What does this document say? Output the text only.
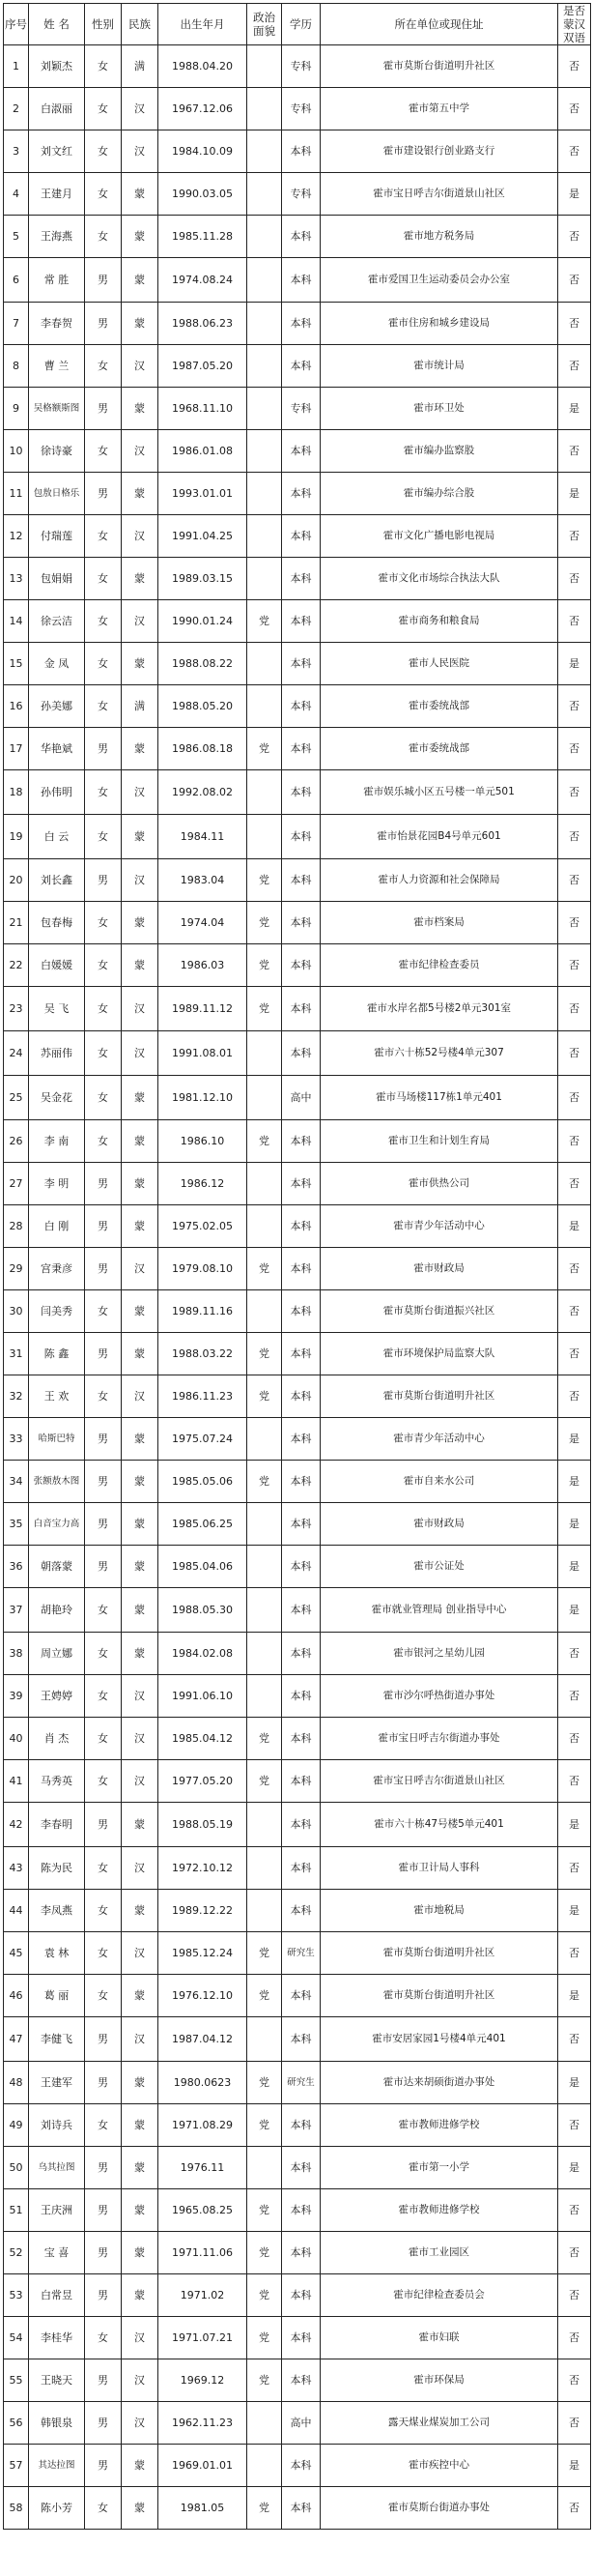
序号	姓 名	性别	民族	出生年月	政治面貌	学历	所在单位或现住址	是否蒙汉双语
1	刘颖杰	女	满	1988.04.20		专科	霍市莫斯台街道明升社区	否
2	白淑丽	女	汉	1967.12.06		专科	霍市第五中学	否
3	刘文红	女	汉	1984.10.09		本科	霍市建设银行创业路支行	否
4	王建月	女	蒙	1990.03.05		专科	霍市宝日呼吉尔街道景山社区	是
5	王海燕	女	蒙	1985.11.28		本科	霍市地方税务局	否
6	常 胜	男	蒙	1974.08.24		本科	霍市爱国卫生运动委员会办公室	否
7	李春贺	男	蒙	1988.06.23		本科	霍市住房和城乡建设局	否
8	曹 兰	女	汉	1987.05.20		本科	霍市统计局	否
9	吴格额斯图	男	蒙	1968.11.10		专科	霍市环卫处	是
10	徐诗豪	女	汉	1986.01.08		本科	霍市编办监察股	否
11	包敖日格乐	男	蒙	1993.01.01		本科	霍市编办综合股	是
12	付瑞莲	女	汉	1991.04.25		本科	霍市文化广播电影电视局	否
13	包娟娟	女	蒙	1989.03.15		本科	霍市文化市场综合执法大队	否
14	徐云洁	女	汉	1990.01.24	党	本科	霍市商务和粮食局	否
15	金 凤	女	蒙	1988.08.22		本科	霍市人民医院	是
16	孙美娜	女	满	1988.05.20		本科	霍市委统战部	否
17	华艳斌	男	蒙	1986.08.18	党	本科	霍市委统战部	否
18	孙伟明	女	汉	1992.08.02		本科	霍市娱乐城小区五号楼一单元501	否
19	白 云	女	蒙	1984.11		本科	霍市怡景花园B4号单元601	否
20	刘长鑫	男	汉	1983.04	党	本科	霍市人力资源和社会保障局	否
21	包春梅	女	蒙	1974.04	党	本科	霍市档案局	否
22	白媛媛	女	蒙	1986.03	党	本科	霍市纪律检查委员	否
23	吴 飞	女	汉	1989.11.12	党	本科	霍市水岸名都5号楼2单元301室	否
24	苏丽伟	女	汉	1991.08.01		本科	霍市六十栋52号楼4单元307	否
25	吴金花	女	蒙	1981.12.10		高中	霍市马场楼117栋1单元401	否
26	李 南	女	蒙	1986.10	党	本科	霍市卫生和计划生育局	否
27	李 明	男	蒙	1986.12		本科	霍市供热公司	否
28	白 刚	男	蒙	1975.02.05		本科	霍市青少年活动中心	是
29	宫秉彦	男	汉	1979.08.10	党	本科	霍市财政局	否
30	闫美秀	女	蒙	1989.11.16		本科	霍市莫斯台街道振兴社区	否
31	陈 鑫	男	蒙	1988.03.22	党	本科	霍市环境保护局监察大队	否
32	王 欢	女	汉	1986.11.23	党	本科	霍市莫斯台街道明升社区	否
33	哈斯巴特	男	蒙	1975.07.24		本科	霍市青少年活动中心	是
34	张额敖木图	男	蒙	1985.05.06	党	本科	霍市自来水公司	是
35	白音宝力高	男	蒙	1985.06.25		本科	霍市财政局	是
36	朝落蒙	男	蒙	1985.04.06		本科	霍市公证处	是
37	胡艳玲	女	蒙	1988.05.30		本科	霍市就业管理局 创业指导中心	是
38	周立娜	女	蒙	1984.02.08		本科	霍市银河之星幼儿园	否
39	王娉婷	女	汉	1991.06.10		本科	霍市沙尔呼热街道办事处	否
40	肖 杰	女	汉	1985.04.12	党	本科	霍市宝日呼吉尔街道办事处	否
41	马秀英	女	汉	1977.05.20	党	本科	霍市宝日呼吉尔街道景山社区	否
42	李春明	男	蒙	1988.05.19		本科	霍市六十栋47号楼5单元401	是
43	陈为民	女	汉	1972.10.12		本科	霍市卫计局人事科	否
44	李凤燕	女	蒙	1989.12.22		本科	霍市地税局	是
45	袁 林	女	汉	1985.12.24	党	研究生	霍市莫斯台街道明升社区	否
46	葛 丽	女	蒙	1976.12.10	党	本科	霍市莫斯台街道明升社区	是
47	李健飞	男	汉	1987.04.12		本科	霍市安居家园1号楼4单元401	否
48	王建军	男	蒙	1980.0623	党	研究生	霍市达来胡硕街道办事处	是
49	刘诗兵	女	蒙	1971.08.29	党	本科	霍市教师进修学校	否
50	乌其拉图	男	蒙	1976.11		本科	霍市第一小学	是
51	王庆洲	男	蒙	1965.08.25	党	本科	霍市教师进修学校	否
52	宝 喜	男	蒙	1971.11.06	党	本科	霍市工业园区	否
53	白常昱	男	蒙	1971.02	党	本科	霍市纪律检查委员会	否
54	李桂华	女	汉	1971.07.21	党	本科	霍市妇联	否
55	王晓天	男	汉	1969.12	党	本科	霍市环保局	否
56	韩银泉	男	汉	1962.11.23		高中	露天煤业煤炭加工公司	否
57	其达拉图	男	蒙	1969.01.01		本科	霍市疾控中心	是
58	陈小芳	女	蒙	1981.05	党	本科	霍市莫斯台街道办事处	否
